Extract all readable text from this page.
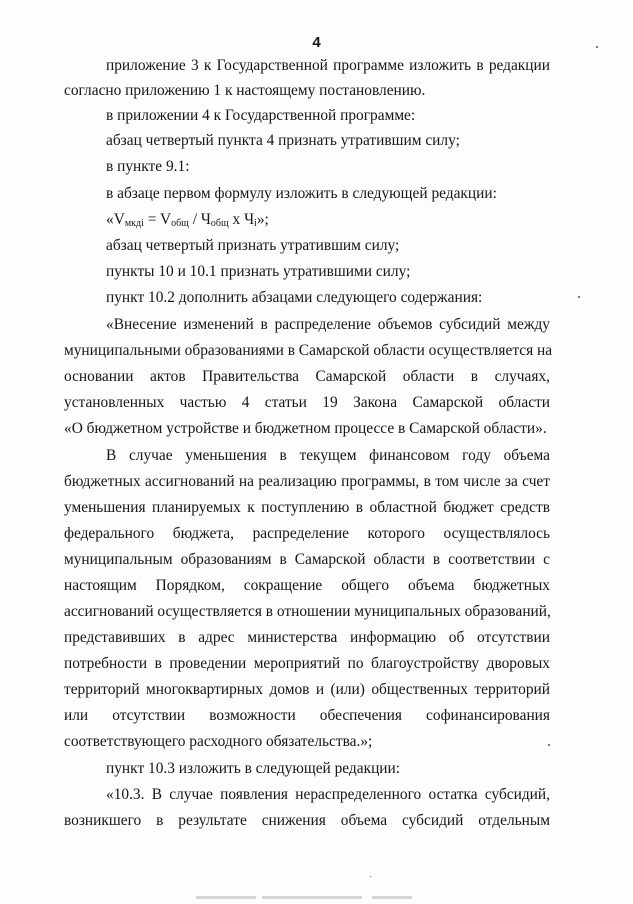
4
приложение 3 к Государственной программе изложить в редакции
согласно приложению 1 к настоящему постановлению.
в приложении 4 к Государственной программе:
абзац четвертый пункта 4 признать утратившим силу;
в пункте 9.1:
в абзаце первом формулу изложить в следующей редакции:
«Vмкдi = Vобщ / Чобщ x Чi»;
абзац четвертый признать утратившим силу;
пункты 10 и 10.1 признать утратившими силу;
пункт 10.2 дополнить абзацами следующего содержания:
«Внесение изменений в распределение объемов субсидий между
муниципальными образованиями в Самарской области осуществляется на
основании актов Правительства Самарской области в случаях,
установленных частью 4 статьи 19 Закона Самарской области
«О бюджетном устройстве и бюджетном процессе в Самарской области».
В случае уменьшения в текущем финансовом году объема
бюджетных ассигнований на реализацию программы, в том числе за счет
уменьшения планируемых к поступлению в областной бюджет средств
федерального бюджета, распределение которого осуществлялось
муниципальным образованиям в Самарской области в соответствии с
настоящим Порядком, сокращение общего объема бюджетных
ассигнований осуществляется в отношении муниципальных образований,
представивших в адрес министерства информацию об отсутствии
потребности в проведении мероприятий по благоустройству дворовых
территорий многоквартирных домов и (или) общественных территорий
или отсутствии возможности обеспечения софинансирования
соответствующего расходного обязательства.»;
пункт 10.3 изложить в следующей редакции:
«10.3. В случае появления нераспределенного остатка субсидий,
возникшего в результате снижения объема субсидий отдельным
